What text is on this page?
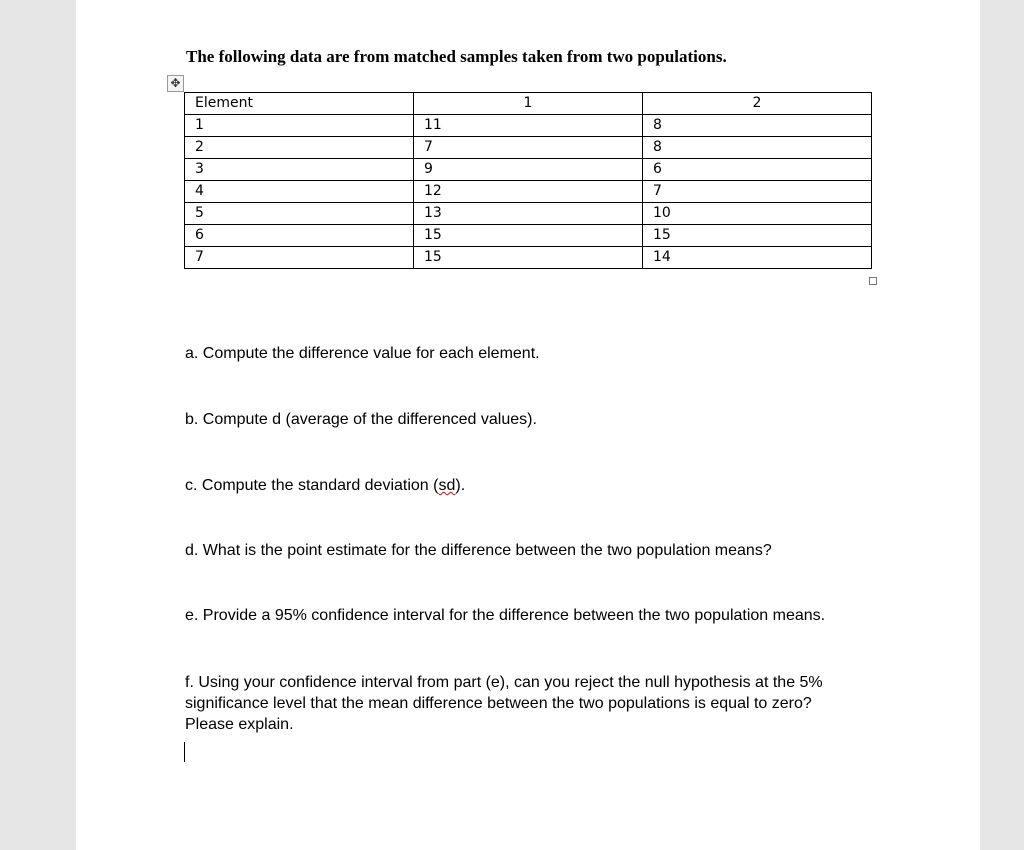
The following data are from matched samples taken from two populations.
✥
Element	1	2
1	11	8
2	7	8
3	9	6
4	12	7
5	13	10
6	15	15
7	15	14
a. Compute the difference value for each element.
b. Compute d (average of the differenced values).
c. Compute the standard deviation (sd).
d. What is the point estimate for the difference between the two population means?
e. Provide a 95% confidence interval for the difference between the two population means.
f. Using your confidence interval from part (e), can you reject the null hypothesis at the 5% significance level that the mean difference between the two populations is equal to zero? Please explain.
